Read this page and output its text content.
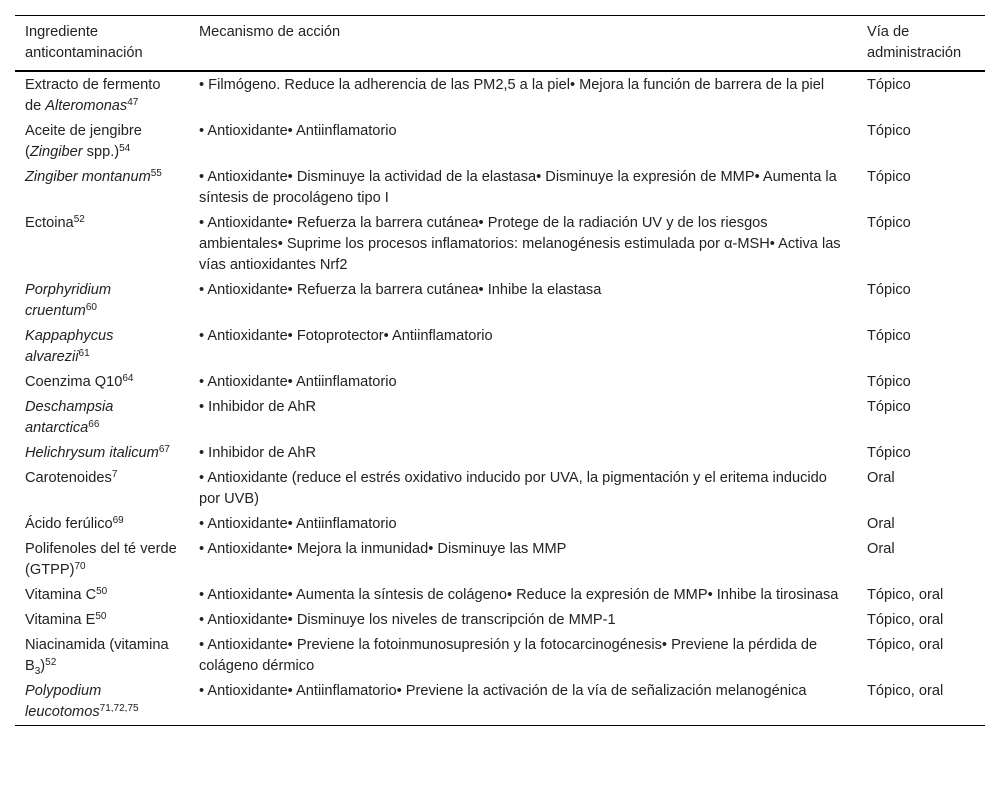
Ingrediente anticontaminación	Mecanismo de acción	Vía de administración
Extracto de fermento de Alteromonas$^{47}$	• Filmógeno. Reduce la adherencia de las PM2,5 a la piel• Mejora la función de barrera de la piel	Tópico
Aceite de jengibre (Zingiber spp.)$^{54}$	• Antioxidante• Antiinflamatorio	Tópico
Zingiber montanum$^{55}$	• Antioxidante• Disminuye la actividad de la elastasa• Disminuye la expresión de MMP• Aumenta la síntesis de procolágeno tipo I	Tópico
Ectoina$^{52}$	• Antioxidante• Refuerza la barrera cutánea• Protege de la radiación UV y de los riesgos ambientales• Suprime los procesos inflamatorios: melanogénesis estimulada por α-MSH• Activa las vías antioxidantes Nrf2	Tópico
Porphyridium cruentum$^{60}$	• Antioxidante• Refuerza la barrera cutánea• Inhibe la elastasa	Tópico
Kappaphycus alvarezii$^{61}$	• Antioxidante• Fotoprotector• Antiinflamatorio	Tópico
Coenzima $Q10^{64}$	• Antioxidante• Antiinflamatorio	Tópico
Deschampsia antarctica$^{66}$	• Inhibidor de AhR	Tópico
Helichrysum italicum$^{67}$	• Inhibidor de AhR	Tópico
Carotenoides$^7$	• Antioxidante (reduce el estrés oxidativo inducido por UVA, la pigmentación y el eritema inducido por UVB)	Oral
Ácido ferúlico$^{69}$	• Antioxidante• Antiinflamatorio	Oral
Polifenoles del té verde (GTPP)$^{70}$	• Antioxidante• Mejora la inmunidad• Disminuye las MMP	Oral
Vitamina $C^{50}$	• Antioxidante• Aumenta la síntesis de colágeno• Reduce la expresión de MMP• Inhibe la tirosinasa	Tópico, oral
Vitamina $E^{50}$	• Antioxidante• Disminuye los niveles de transcripción de MMP-1	Tópico, oral
Niacinamida (vitamina $B_3)^{52}$	• Antioxidante• Previene la fotoinmunosupresión y la fotocarcinogénesis• Previene la pérdida de colágeno dérmico	Tópico, oral
Polypodium leucotomos$^{71,72,75}$	• Antioxidante• Antiinflamatorio• Previene la activación de la vía de señalización melanogénica	Tópico, oral
